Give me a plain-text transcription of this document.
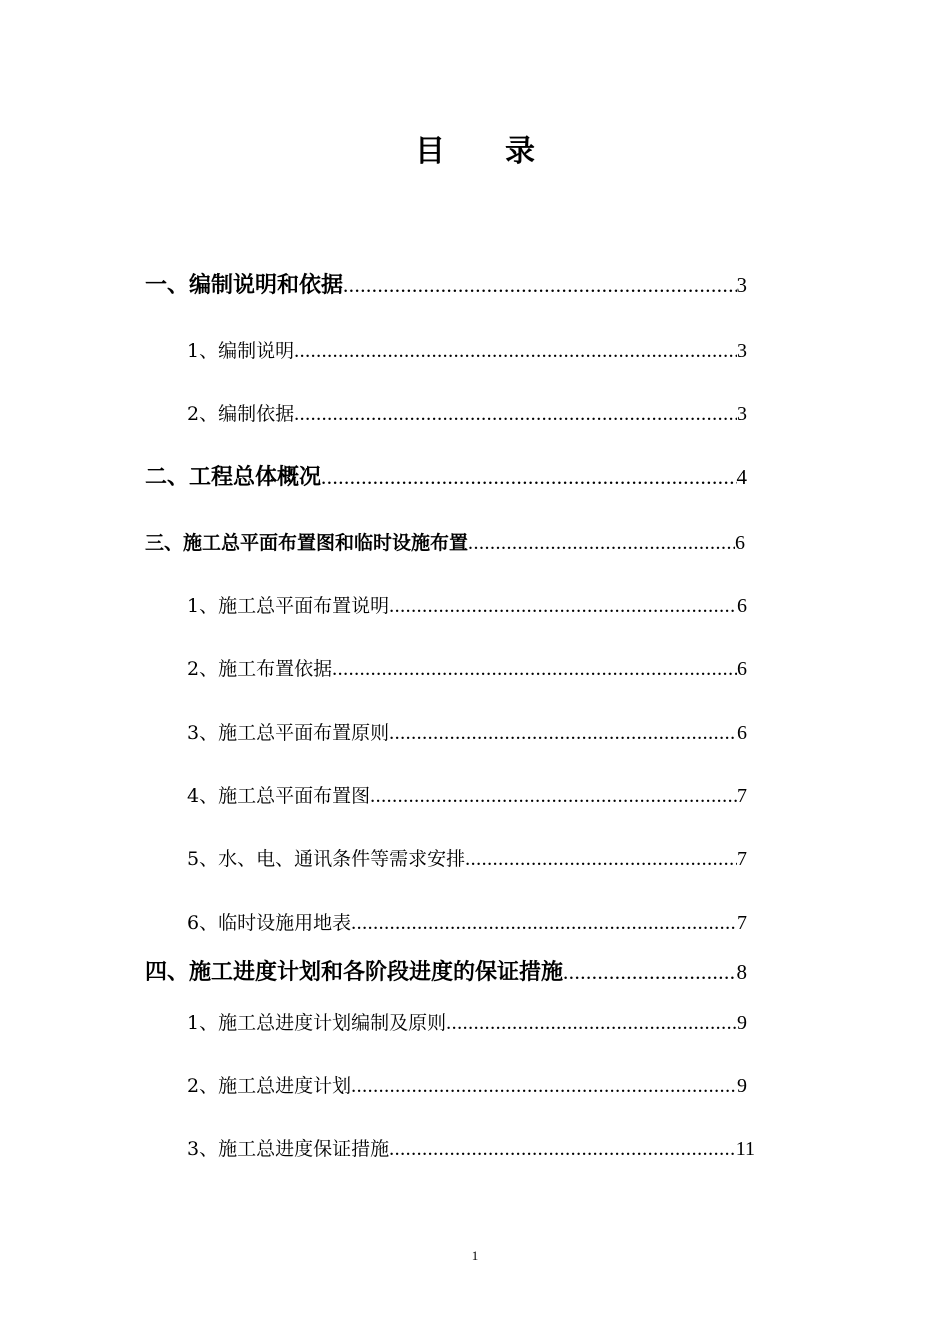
目 录
一、编制说明和依据 .....	3
1、编制说明 .....	3
2、编制依据 .....	3
二、工程总体概况 .....	4
三、施工总平面布置图和临时设施布置 .....	6
1、施工总平面布置说明 .....	6
2、施工布置依据 .....	6
3、施工总平面布置原则 .....	6
4、施工总平面布置图 .....	7
5、水、电、通讯条件等需求安排 .....	7
6、临时设施用地表 .....	7
四、施工进度计划和各阶段进度的保证措施 .....	8
1、施工总进度计划编制及原则 .....	9
2、施工总进度计划 .....	9
3、施工总进度保证措施 .....	11
1
